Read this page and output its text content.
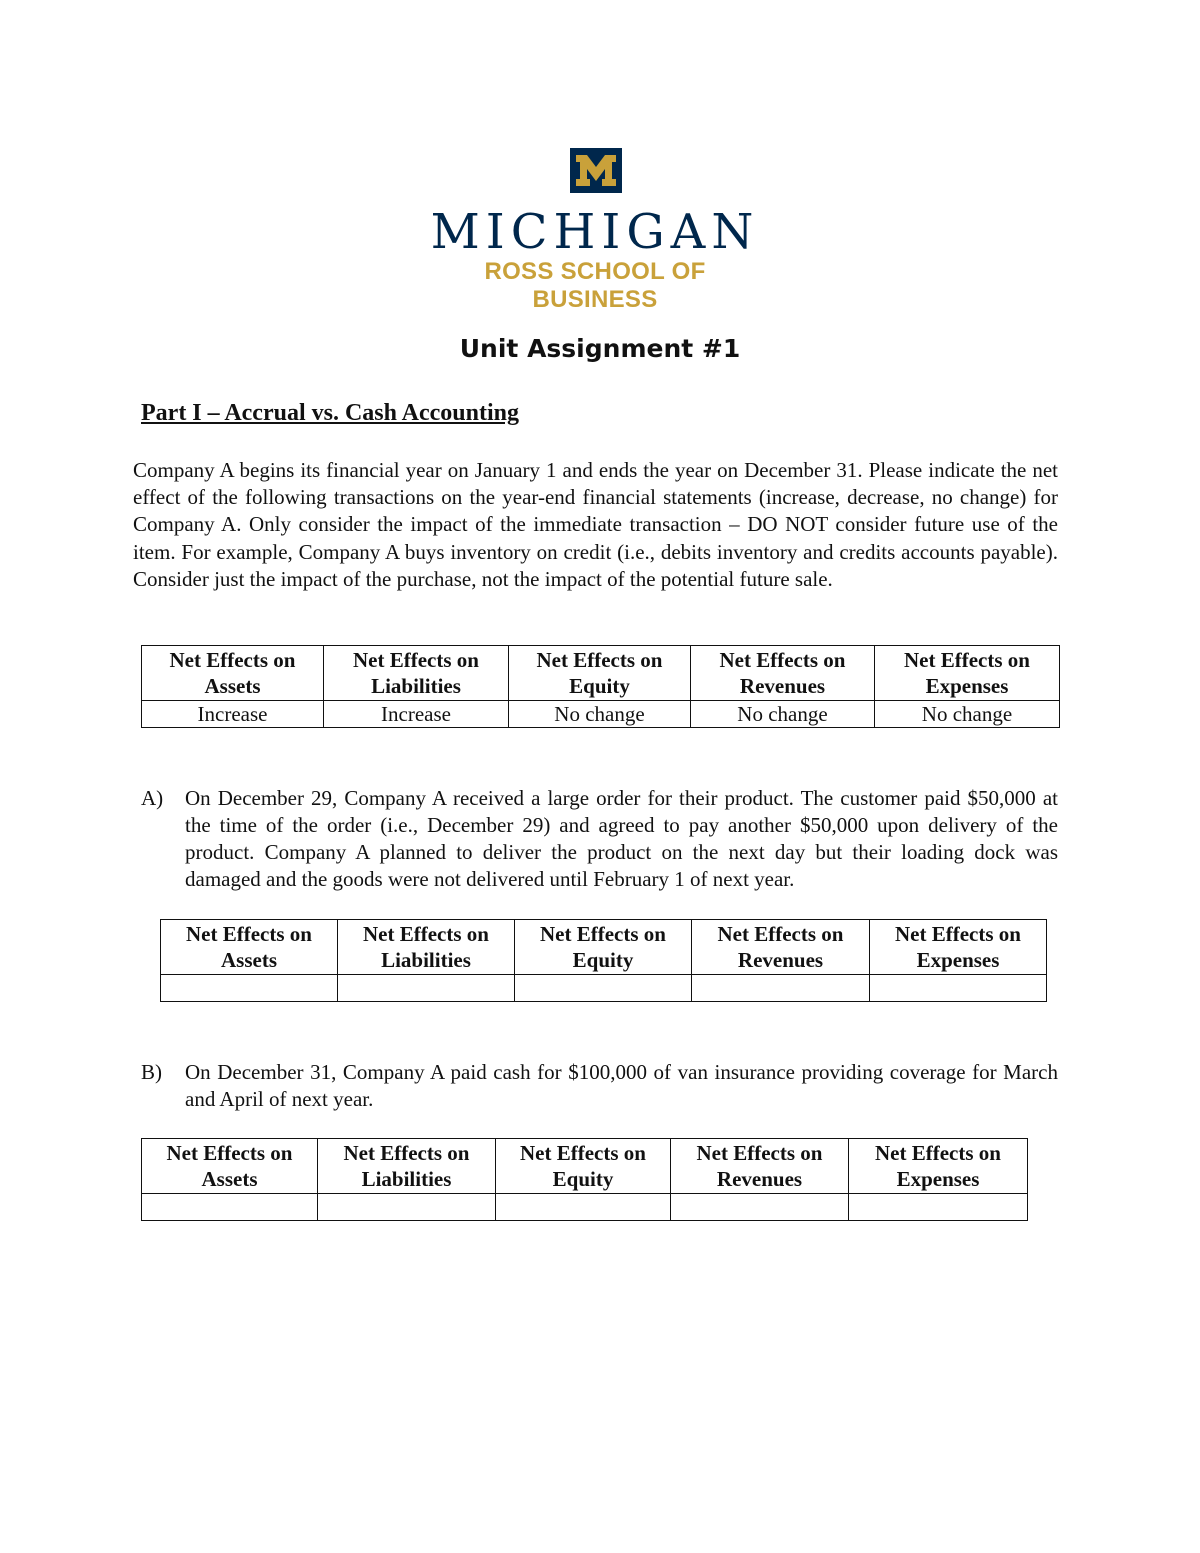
MICHIGAN
ROSS SCHOOL OF BUSINESS
Unit Assignment #1
Part I – Accrual vs. Cash Accounting
Company A begins its financial year on January 1 and ends the year on December 31. Please indicate the net effect of the following transactions on the year-end financial statements (increase, decrease, no change) for Company A. Only consider the impact of the immediate transaction – DO NOT consider future use of the item. For example, Company A buys inventory on credit (i.e., debits inventory and credits accounts payable). Consider just the impact of the purchase, not the impact of the potential future sale.
Net Effects on Assets	Net Effects on Liabilities	Net Effects on Equity	Net Effects on Revenues	Net Effects on Expenses
Increase	Increase	No change	No change	No change
A) On December 29, Company A received a large order for their product. The customer paid $50,000 at the time of the order (i.e., December 29) and agreed to pay another $50,000 upon delivery of the product. Company A planned to deliver the product on the next day but their loading dock was damaged and the goods were not delivered until February 1 of next year.
Net Effects on Assets	Net Effects on Liabilities	Net Effects on Equity	Net Effects on Revenues	Net Effects on Expenses

B) On December 31, Company A paid cash for $100,000 of van insurance providing coverage for March and April of next year.
Net Effects on Assets	Net Effects on Liabilities	Net Effects on Equity	Net Effects on Revenues	Net Effects on Expenses
